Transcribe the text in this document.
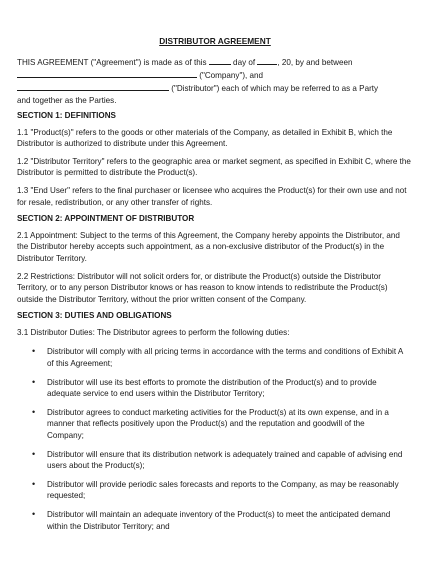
DISTRIBUTOR AGREEMENT
THIS AGREEMENT ("Agreement") is made as of this	day of , 20, by and between
("Company"), and
("Distributor") each of which may be referred to as a Party
and together as the Parties.
SECTION 1: DEFINITIONS
1.1 "Product(s)" refers to the goods or other materials of the Company, as detailed in Exhibit B, which the Distributor is authorized to distribute under this Agreement.
1.2 "Distributor Territory" refers to the geographic area or market segment, as specified in Exhibit C, where the Distributor is permitted to distribute the Product(s).
1.3 "End User" refers to the final purchaser or licensee who acquires the Product(s) for their own use and not for resale, redistribution, or any other transfer of rights.
SECTION 2: APPOINTMENT OF DISTRIBUTOR
2.1 Appointment: Subject to the terms of this Agreement, the Company hereby appoints the Distributor, and the Distributor hereby accepts such appointment, as a non-exclusive distributor of the Product(s) in the Distributor Territory.
2.2 Restrictions: Distributor will not solicit orders for, or distribute the Product(s) outside the Distributor Territory, or to any person Distributor knows or has reason to know intends to redistribute the Product(s) outside the Distributor Territory, without the prior written consent of the Company.
SECTION 3: DUTIES AND OBLIGATIONS
3.1 Distributor Duties: The Distributor agrees to perform the following duties:
• Distributor will comply with all pricing terms in accordance with the terms and conditions of Exhibit A of this Agreement;
• Distributor will use its best efforts to promote the distribution of the Product(s) and to provide adequate service to end users within the Distributor Territory;
• Distributor agrees to conduct marketing activities for the Product(s) at its own expense, and in a manner that reflects positively upon the Product(s) and the reputation and goodwill of the Company;
• Distributor will ensure that its distribution network is adequately trained and capable of advising end users about the Product(s);
• Distributor will provide periodic sales forecasts and reports to the Company, as may be reasonably requested;
• Distributor will maintain an adequate inventory of the Product(s) to meet the anticipated demand within the Distributor Territory; and
